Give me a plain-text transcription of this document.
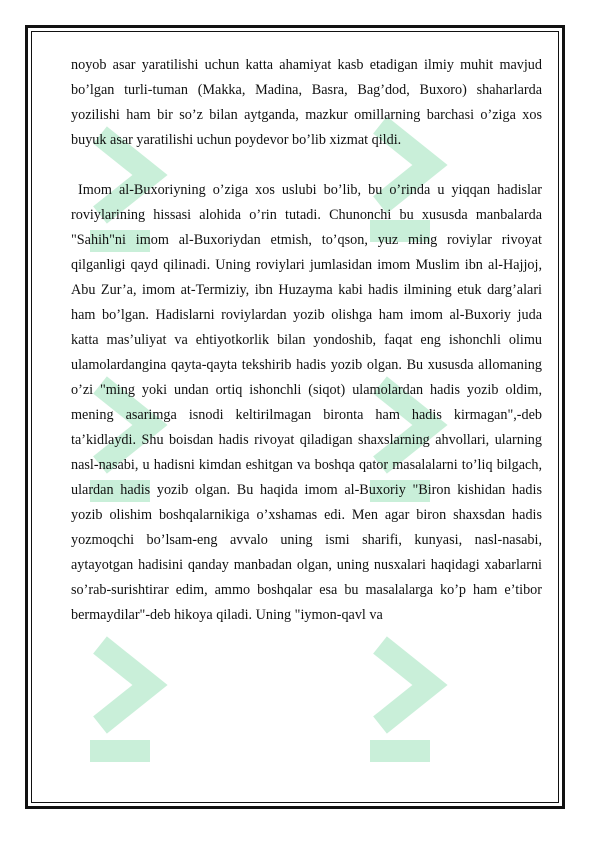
noyob asar yaratilishi uchun katta ahamiyat kasb etadigan ilmiy muhit mavjud bo’lgan turli-tuman (Makka, Madina, Basra, Bag’dod, Buxoro) shaharlarda yozilishi ham bir so’z bilan aytganda, mazkur omillarning barchasi o’ziga xos buyuk asar yaratilishi uchun poydevor bo’lib xizmat qildi.

Imom al-Buxoriyning o’ziga xos uslubi bo’lib, bu o’rinda u yiqqan hadislar roviylarining hissasi alohida o’rin tutadi. Chunonchi bu xususda manbalarda "Sahih"ni imom al-Buxoriydan etmish, to’qson, yuz ming roviylar rivoyat qilganligi qayd qilinadi. Uning roviylari jumlasidan imom Muslim ibn al-Hajjoj, Abu Zur’a, imom at-Termiziy, ibn Huzayma kabi hadis ilmining etuk darg’alari ham bo’lgan. Hadislarni roviylardan yozib olishga ham imom al-Buxoriy juda katta mas’uliyat va ehtiyotkorlik bilan yondoshib, faqat eng ishonchli olimu ulamolardangina qayta-qayta tekshirib hadis yozib olgan. Bu xususda allomaning o’zi "ming yoki undan ortiq ishonchli (siqot) ulamolardan hadis yozib oldim, mening asarimga isnodi keltirilmagan bironta ham hadis kirmagan",-deb ta’kidlaydi. Shu boisdan hadis rivoyat qiladigan shaxslarning ahvollari, ularning nasl-nasabi, u hadisni kimdan eshitgan va boshqa qator masalalarni to’liq bilgach, ulardan hadis yozib olgan. Bu haqida imom al-Buxoriy "Biron kishidan hadis yozib olishim boshqalarnikiga o’xshamas edi. Men agar biron shaxsdan hadis yozmoqchi bo’lsam-eng avvalo uning ismi sharifi, kunyasi, nasl-nasabi, aytayotgan hadisini qanday manbadan olgan, uning nusxalari haqidagi xabarlarni so’rab-surishtirar edim, ammo boshqalar esa bu masalalarga ko’p ham e’tibor bermaydilar"-deb hikoya qiladi. Uning "iymon-qavl va
